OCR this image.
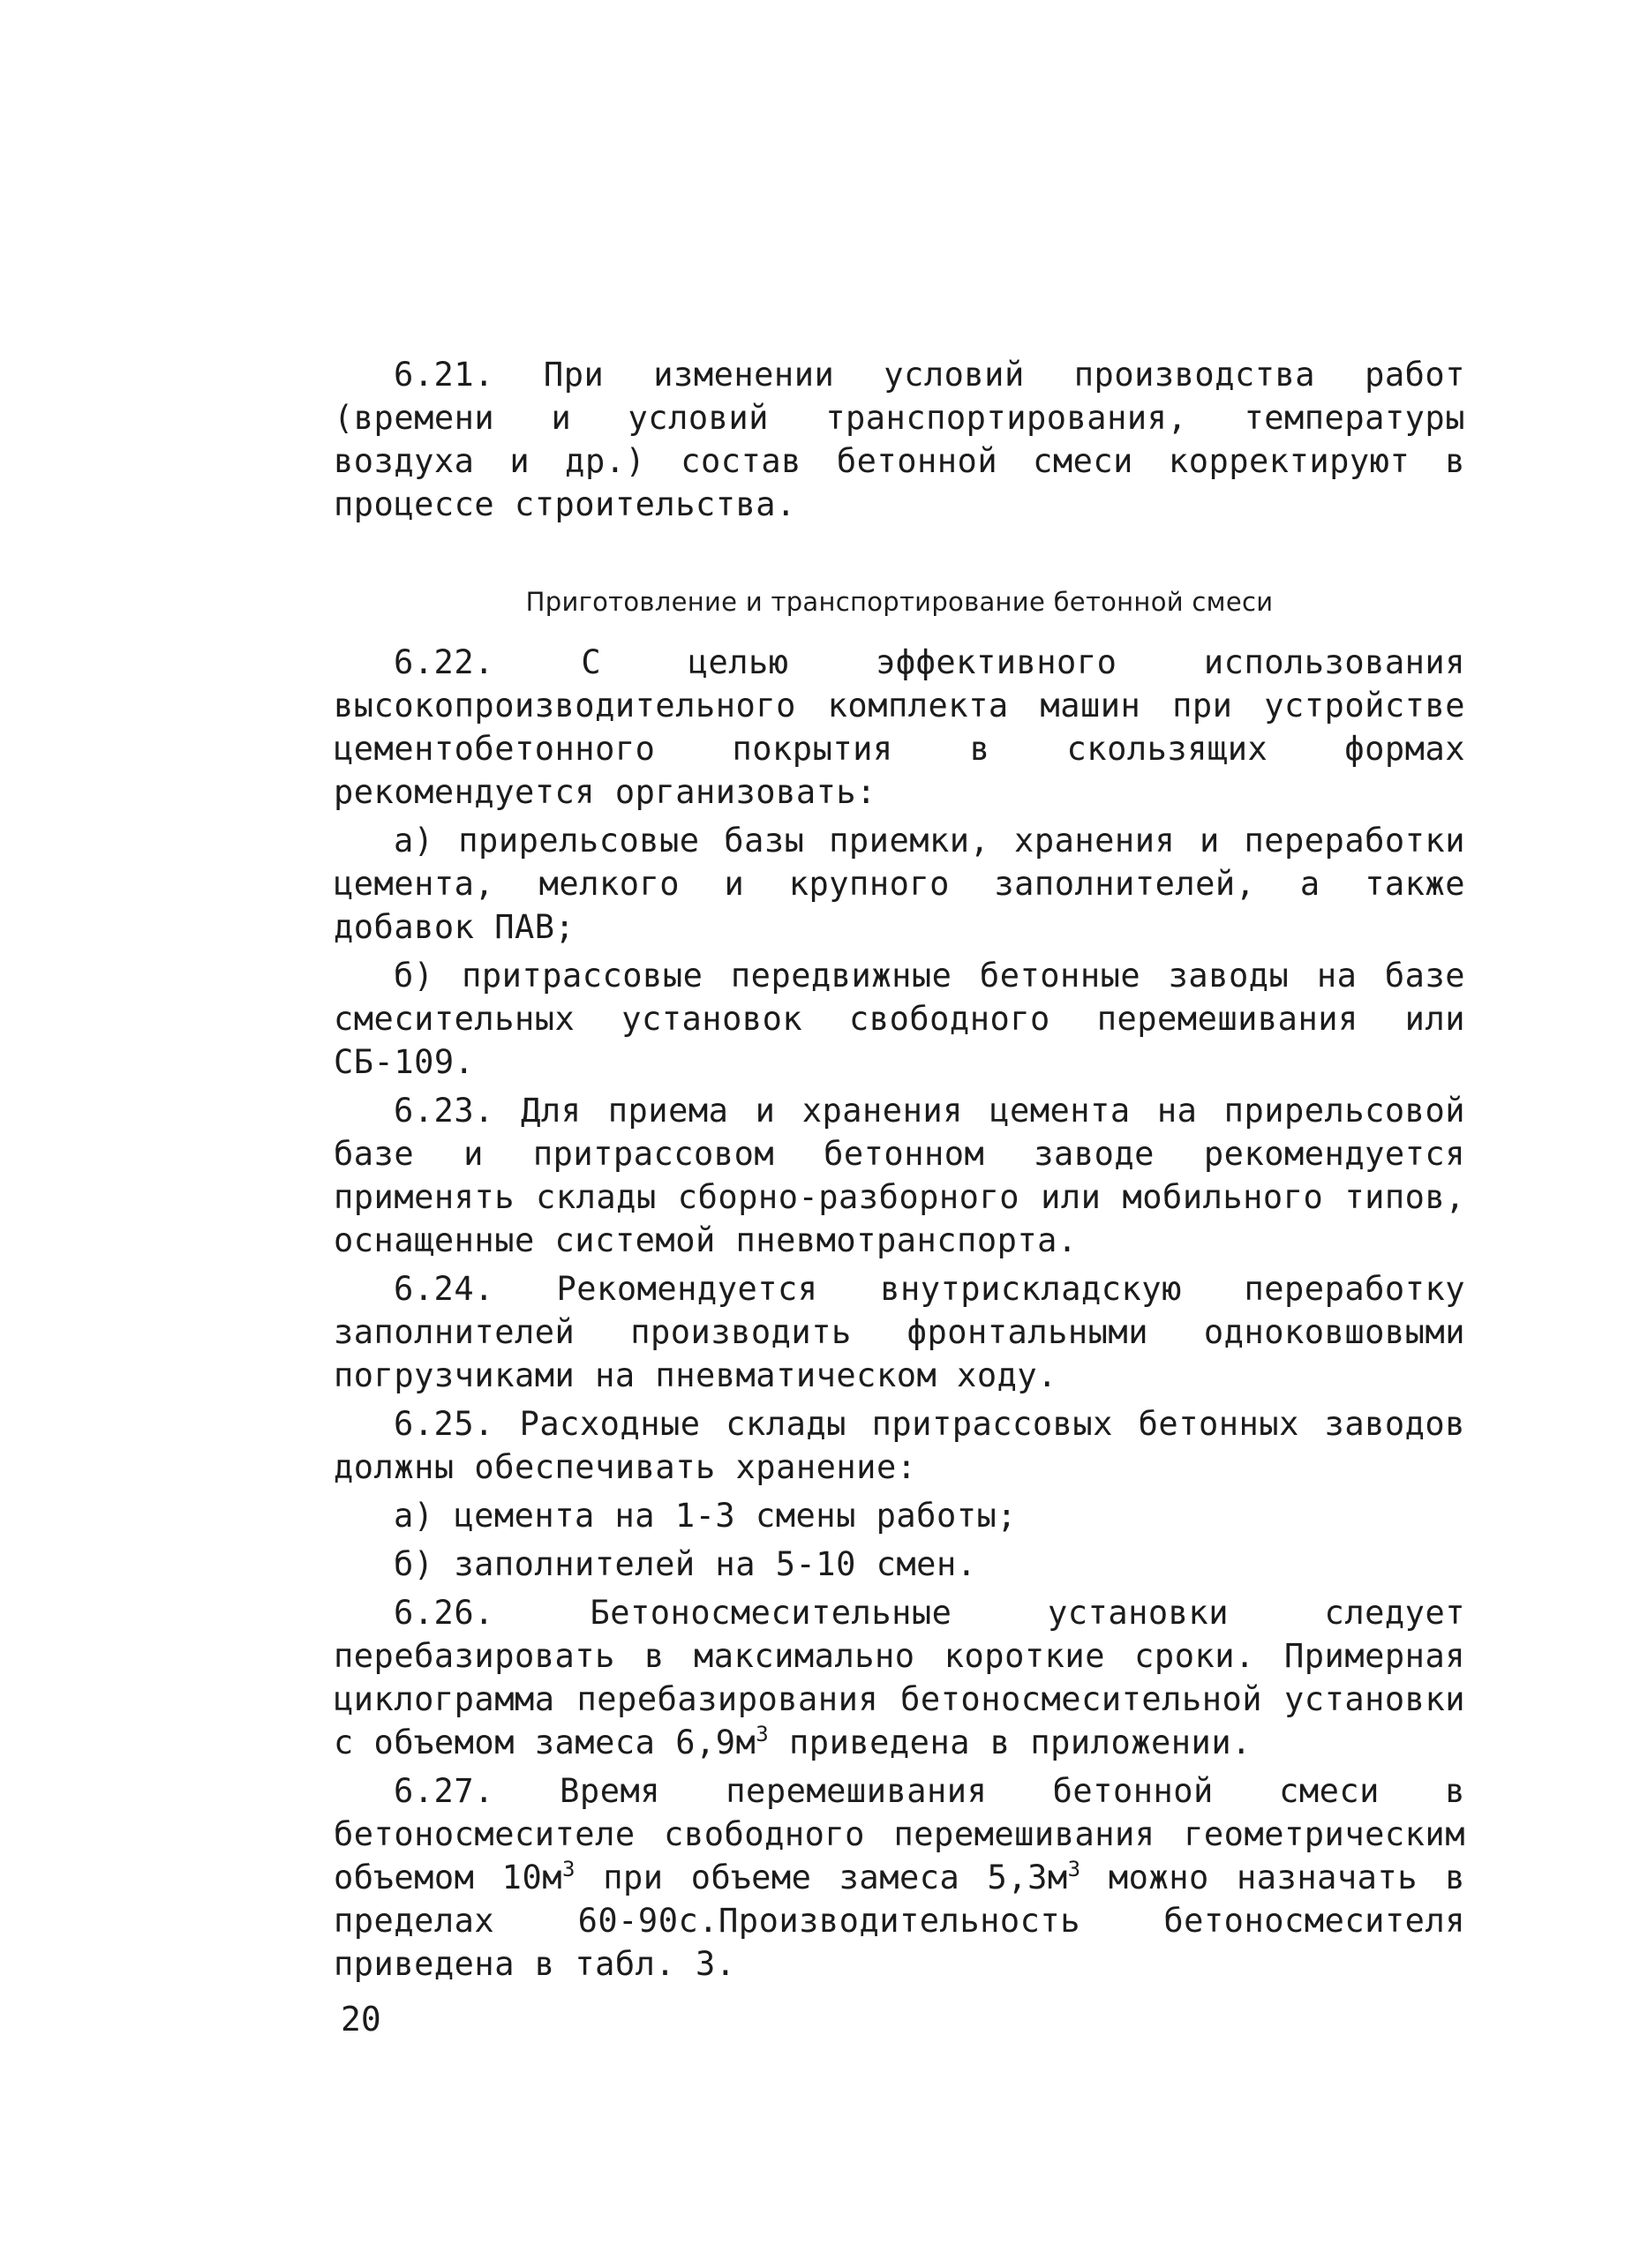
6.21. При изменении условий производства работ (времени и условий транспортирования, температуры воздуха и др.) состав бетонной смеси корректируют в процессе строительства.

Приготовление и транспортирование бетонной смеси

6.22. С целью эффективного использования высокопроизводительного комплекта машин при устройстве цементобетонного покрытия в скользящих формах рекомендуется организовать:

а) прирельсовые базы приемки, хранения и переработки цемента, мелкого и крупного заполнителей, а также добавок ПАВ;

б) притрассовые передвижные бетонные заводы на базе смесительных установок свободного перемешивания или СБ-109.

6.23. Для приема и хранения цемента на прирельсовой базе и притрассовом бетонном заводе рекомендуется применять склады сборно-разборного или мобильного типов, оснащенные системой пневмотранспорта.

6.24. Рекомендуется внутрискладскую переработку заполнителей производить фронтальными одноковшовыми погрузчиками на пневматическом ходу.

6.25. Расходные склады притрассовых бетонных заводов должны обеспечивать хранение:

а) цемента на 1-3 смены работы;

б) заполнителей на 5-10 смен.

6.26. Бетоносмесительные установки следует перебазировать в максимально короткие сроки. Примерная циклограмма перебазирования бетоносмесительной установки с объемом замеса $6,9м^3$ приведена в приложении.

6.27. Время перемешивания бетонной смеси в бетоносмесителе свободного перемешивания геометрическим объемом $10м^3$ при объеме замеса $5,3м^3$ можно назначать в пределах 60-90с.Производительность бетоносмесителя приведена в табл. 3.

20
